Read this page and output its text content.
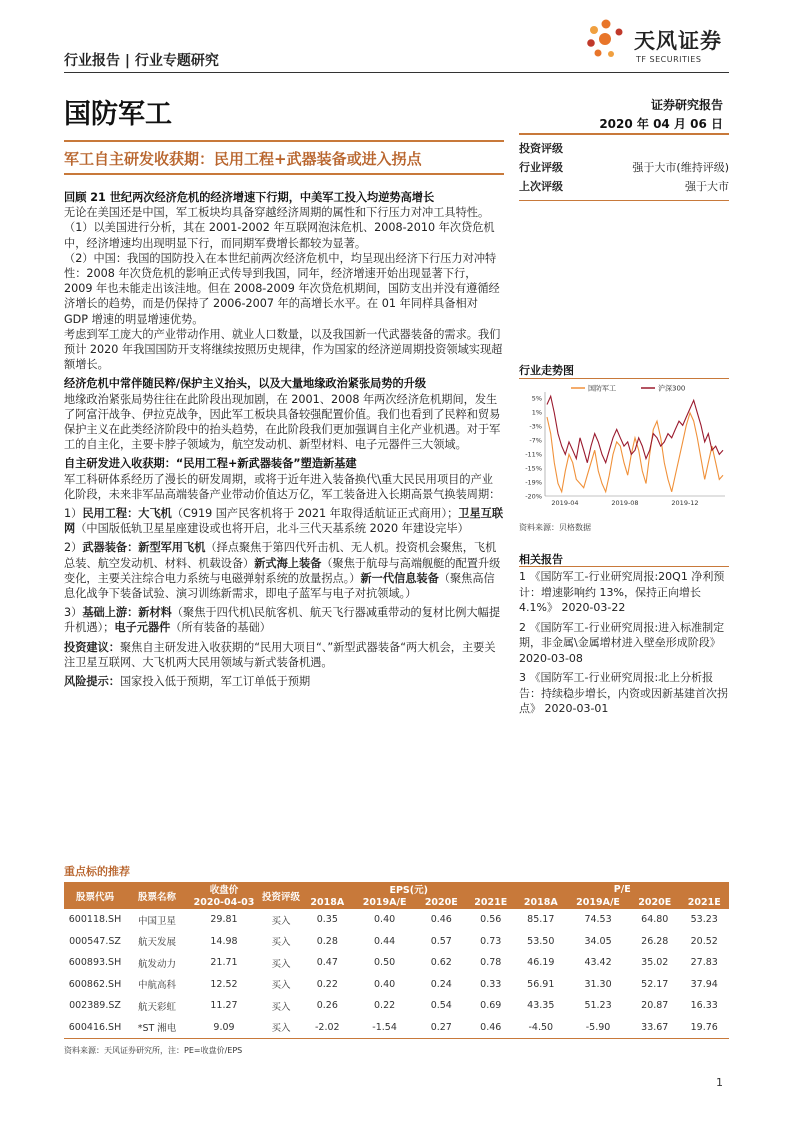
行业报告 | 行业专题研究
天风证券
TF SECURITIES
国防军工	证券研究报告
2020 年 04 月 06 日
军工自主研发收获期：民用工程+武器装备或进入拐点

回顾 21 世纪两次经济危机的经济增速下行期，中美军工投入均逆势高增长

无论在美国还是中国，军工板块均具备穿越经济周期的属性和下行压力对冲工具特性。

（1）以美国进行分析，其在 2001-2002 年互联网泡沫危机、2008-2010 年次贷危机中，经济增速均出现明显下行，而同期军费增长都较为显著。

（2）中国：我国的国防投入在本世纪前两次经济危机中，均呈现出经济下行压力对冲特性：2008 年次贷危机的影响正式传导到我国，同年，经济增速开始出现显著下行，2009 年也未能走出该洼地。但在 2008-2009 年次贷危机期间，国防支出并没有遵循经济增长的趋势，而是仍保持了 2006-2007 年的高增长水平。在 01 年同样具备相对 GDP 增速的明显增速优势。

考虑到军工庞大的产业带动作用、就业人口数量，以及我国新一代武器装备的需求。我们预计 2020 年我国国防开支将继续按照历史规律，作为国家的经济逆周期投资领域实现超额增长。

经济危机中常伴随民粹/保护主义抬头，以及大量地缘政治紧张局势的升级

地缘政治紧张局势往往在此阶段出现加剧，在 2001、2008 年两次经济危机期间，发生了阿富汗战争、伊拉克战争，因此军工板块具备较强配置价值。我们也看到了民粹和贸易保护主义在此类经济阶段中的抬头趋势，在此阶段我们更加强调自主化产业机遇。对于军工的自主化，主要卡脖子领域为，航空发动机、新型材料、电子元器件三大领域。

自主研发进入收获期：“民用工程+新武器装备”塑造新基建

军工科研体系经历了漫长的研发周期，或将于近年进入装备换代\重大民民用项目的产业化阶段，未来非军品高端装备产业带动价值达万亿，军工装备进入长期高景气换装周期：

1）民用工程：大飞机（C919 国产民客机将于 2021 年取得适航证正式商用）；卫星互联网（中国版低轨卫星星座建设或也将开启，北斗三代天基系统 2020 年建设完毕）

2）武器装备：新型军用飞机（择点聚焦于第四代歼击机、无人机。投资机会聚焦，飞机总装、航空发动机、材料、机载设备）新式海上装备（聚焦于航母与高端舰艇的配置升级变化，主要关注综合电力系统与电磁弹射系统的放量拐点。）新一代信息装备（聚焦高信息化战争下装备试验、演习训练新需求，即电子蓝军与电子对抗领域。）

3）基础上游：新材料（聚焦于四代机\民航客机、航天飞行器减重带动的复材比例大幅提升机遇）；电子元器件（所有装备的基础）

投资建议：聚焦自主研发进入收获期的“民用大项目“、”新型武器装备“两大机会，主要关注卫星互联网、大飞机两大民用领域与新式装备机遇。

风险提示：国家投入低于预期，军工订单低于预期

投资评级
行业评级	强于大市(维持评级)
上次评级	强于大市
行业走势图
5%
1%
-3%
-7%
-11%
-15%
-19%
-20%
2019-04	2019-08	2019-12
国防军工	沪深300
资料来源：贝格数据
相关报告
1 《国防军工-行业研究周报:20Q1 净利预计：增速影响约 13%，保持正向增长 4.1%》 2020-03-22
2 《国防军工-行业研究周报:进入标准制定期，非金属\金属增材进入壁垒形成阶段》 2020-03-08
3 《国防军工-行业研究周报:北上分析报告：持续稳步增长，内资或因新基建首次拐点》 2020-03-01
重点标的推荐
股票代码	股票名称	收盘价	投资评级	EPS(元)				P/E			
		2020-04-03		2018A	2019A/E	2020E	2021E	2018A	2019A/E	2020E	2021E
600118.SH	中国卫星	29.81	买入	0.35	0.40	0.46	0.56	85.17	74.53	64.80	53.23
000547.SZ	航天发展	14.98	买入	0.28	0.44	0.57	0.73	53.50	34.05	26.28	20.52
600893.SH	航发动力	21.71	买入	0.47	0.50	0.62	0.78	46.19	43.42	35.02	27.83
600862.SH	中航高科	12.52	买入	0.22	0.40	0.24	0.33	56.91	31.30	52.17	37.94
002389.SZ	航天彩虹	11.27	买入	0.26	0.22	0.54	0.69	43.35	51.23	20.87	16.33
600416.SH	*ST 湘电	9.09	买入	-2.02	-1.54	0.27	0.46	-4.50	-5.90	33.67	19.76
资料来源：天风证券研究所，注：PE=收盘价/EPS
1
